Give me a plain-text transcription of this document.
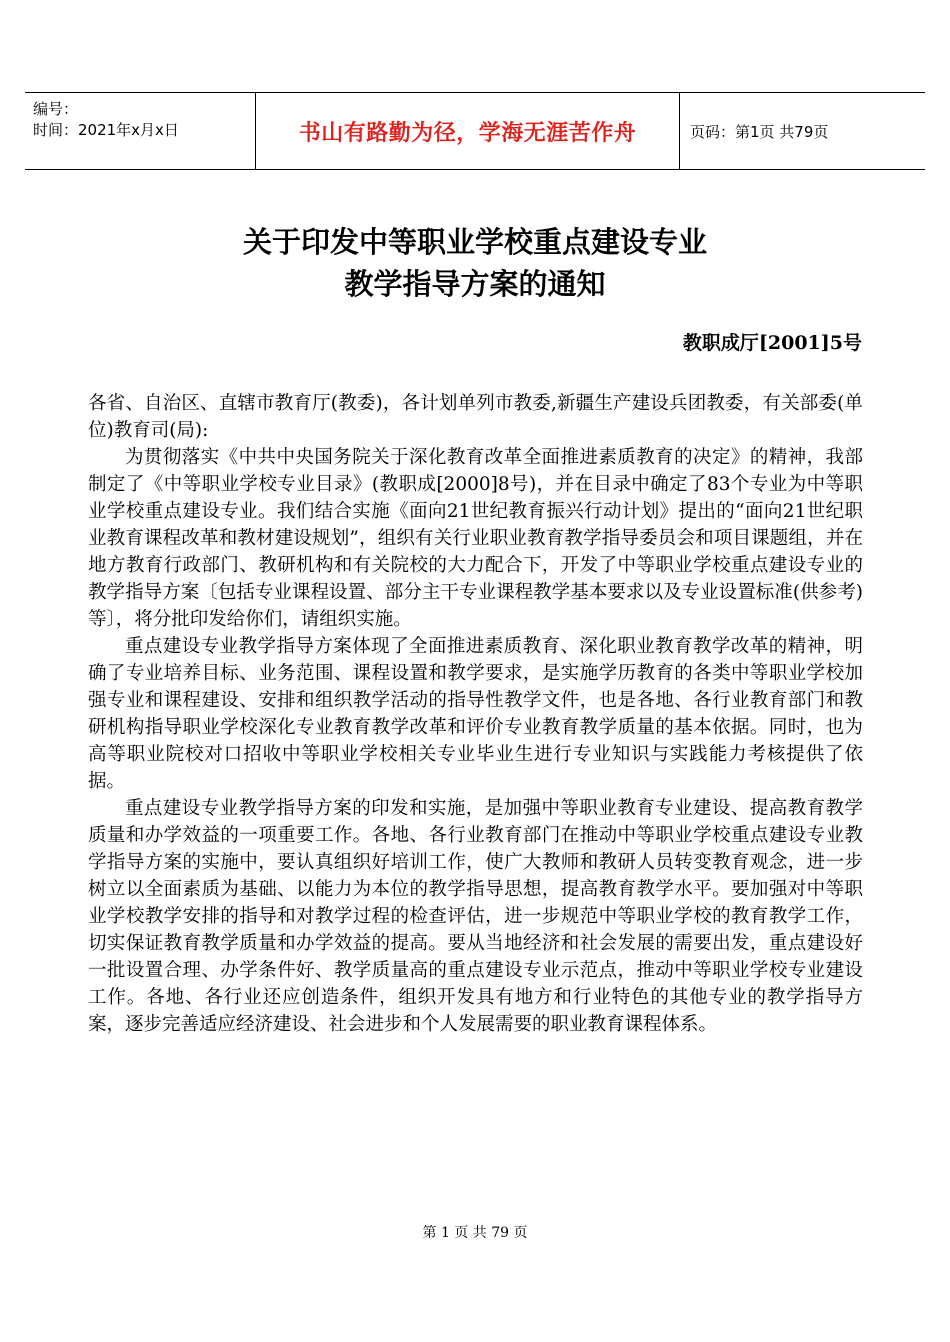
编号：
时间：2021年x月x日	书山有路勤为径，学海无涯苦作舟	页码：第1页 共79页
关于印发中等职业学校重点建设专业
教学指导方案的通知
教职成厅[2001]5号

各省、自治区、直辖市教育厅(教委)，各计划单列市教委,新疆生产建设兵团教委，有关部委(单位)教育司(局):

为贯彻落实《中共中央国务院关于深化教育改革全面推进素质教育的决定》的精神，我部制定了《中等职业学校专业目录》(教职成[2000]8号)，并在目录中确定了83个专业为中等职业学校重点建设专业。我们结合实施《面向21世纪教育振兴行动计划》提出的“面向21世纪职业教育课程改革和教材建设规划”，组织有关行业职业教育教学指导委员会和项目课题组，并在地方教育行政部门、教研机构和有关院校的大力配合下，开发了中等职业学校重点建设专业的教学指导方案〔包括专业课程设置、部分主干专业课程教学基本要求以及专业设置标准(供参考)等〕，将分批印发给你们，请组织实施。

重点建设专业教学指导方案体现了全面推进素质教育、深化职业教育教学改革的精神，明确了专业培养目标、业务范围、课程设置和教学要求，是实施学历教育的各类中等职业学校加强专业和课程建设、安排和组织教学活动的指导性教学文件，也是各地、各行业教育部门和教研机构指导职业学校深化专业教育教学改革和评价专业教育教学质量的基本依据。同时，也为高等职业院校对口招收中等职业学校相关专业毕业生进行专业知识与实践能力考核提供了依据。

重点建设专业教学指导方案的印发和实施，是加强中等职业教育专业建设、提高教育教学质量和办学效益的一项重要工作。各地、各行业教育部门在推动中等职业学校重点建设专业教学指导方案的实施中，要认真组织好培训工作，使广大教师和教研人员转变教育观念，进一步树立以全面素质为基础、以能力为本位的教学指导思想，提高教育教学水平。要加强对中等职业学校教学安排的指导和对教学过程的检查评估，进一步规范中等职业学校的教育教学工作，切实保证教育教学质量和办学效益的提高。要从当地经济和社会发展的需要出发，重点建设好一批设置合理、办学条件好、教学质量高的重点建设专业示范点，推动中等职业学校专业建设工作。各地、各行业还应创造条件，组织开发具有地方和行业特色的其他专业的教学指导方案，逐步完善适应经济建设、社会进步和个人发展需要的职业教育课程体系。

第 1 页 共 79 页
